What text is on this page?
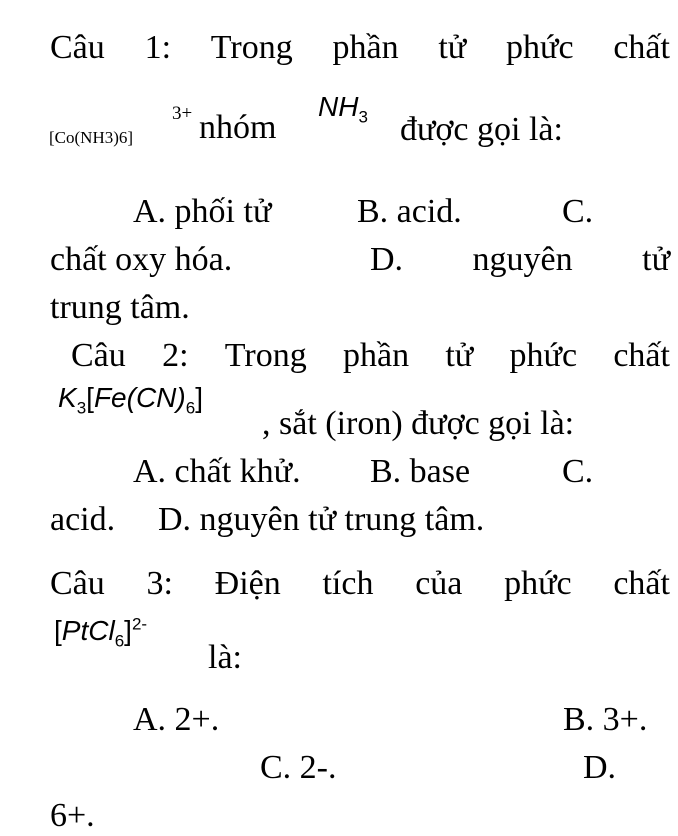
Câu 1: Trong phần tử phức chất
[Co(NH3)6]
3+ nhóm
$NH_3$ được gọi là:
A. phối tử	B. acid.	C.
chất oxy hóa.	D. nguyên tử
trung tâm.
Câu 2: Trong phần tử phức chất
$K_3[Fe(CN)_6]$
, sắt (iron) được gọi là:
A. chất khử. B. base	C.
acid. D. nguyên tử trung tâm.
Câu 3: Điện tích của phức chất
[PtCl$_6$]$^{2-}$
là:
A. 2+.	B. 3+.
C. 2-.	D.
6+.
